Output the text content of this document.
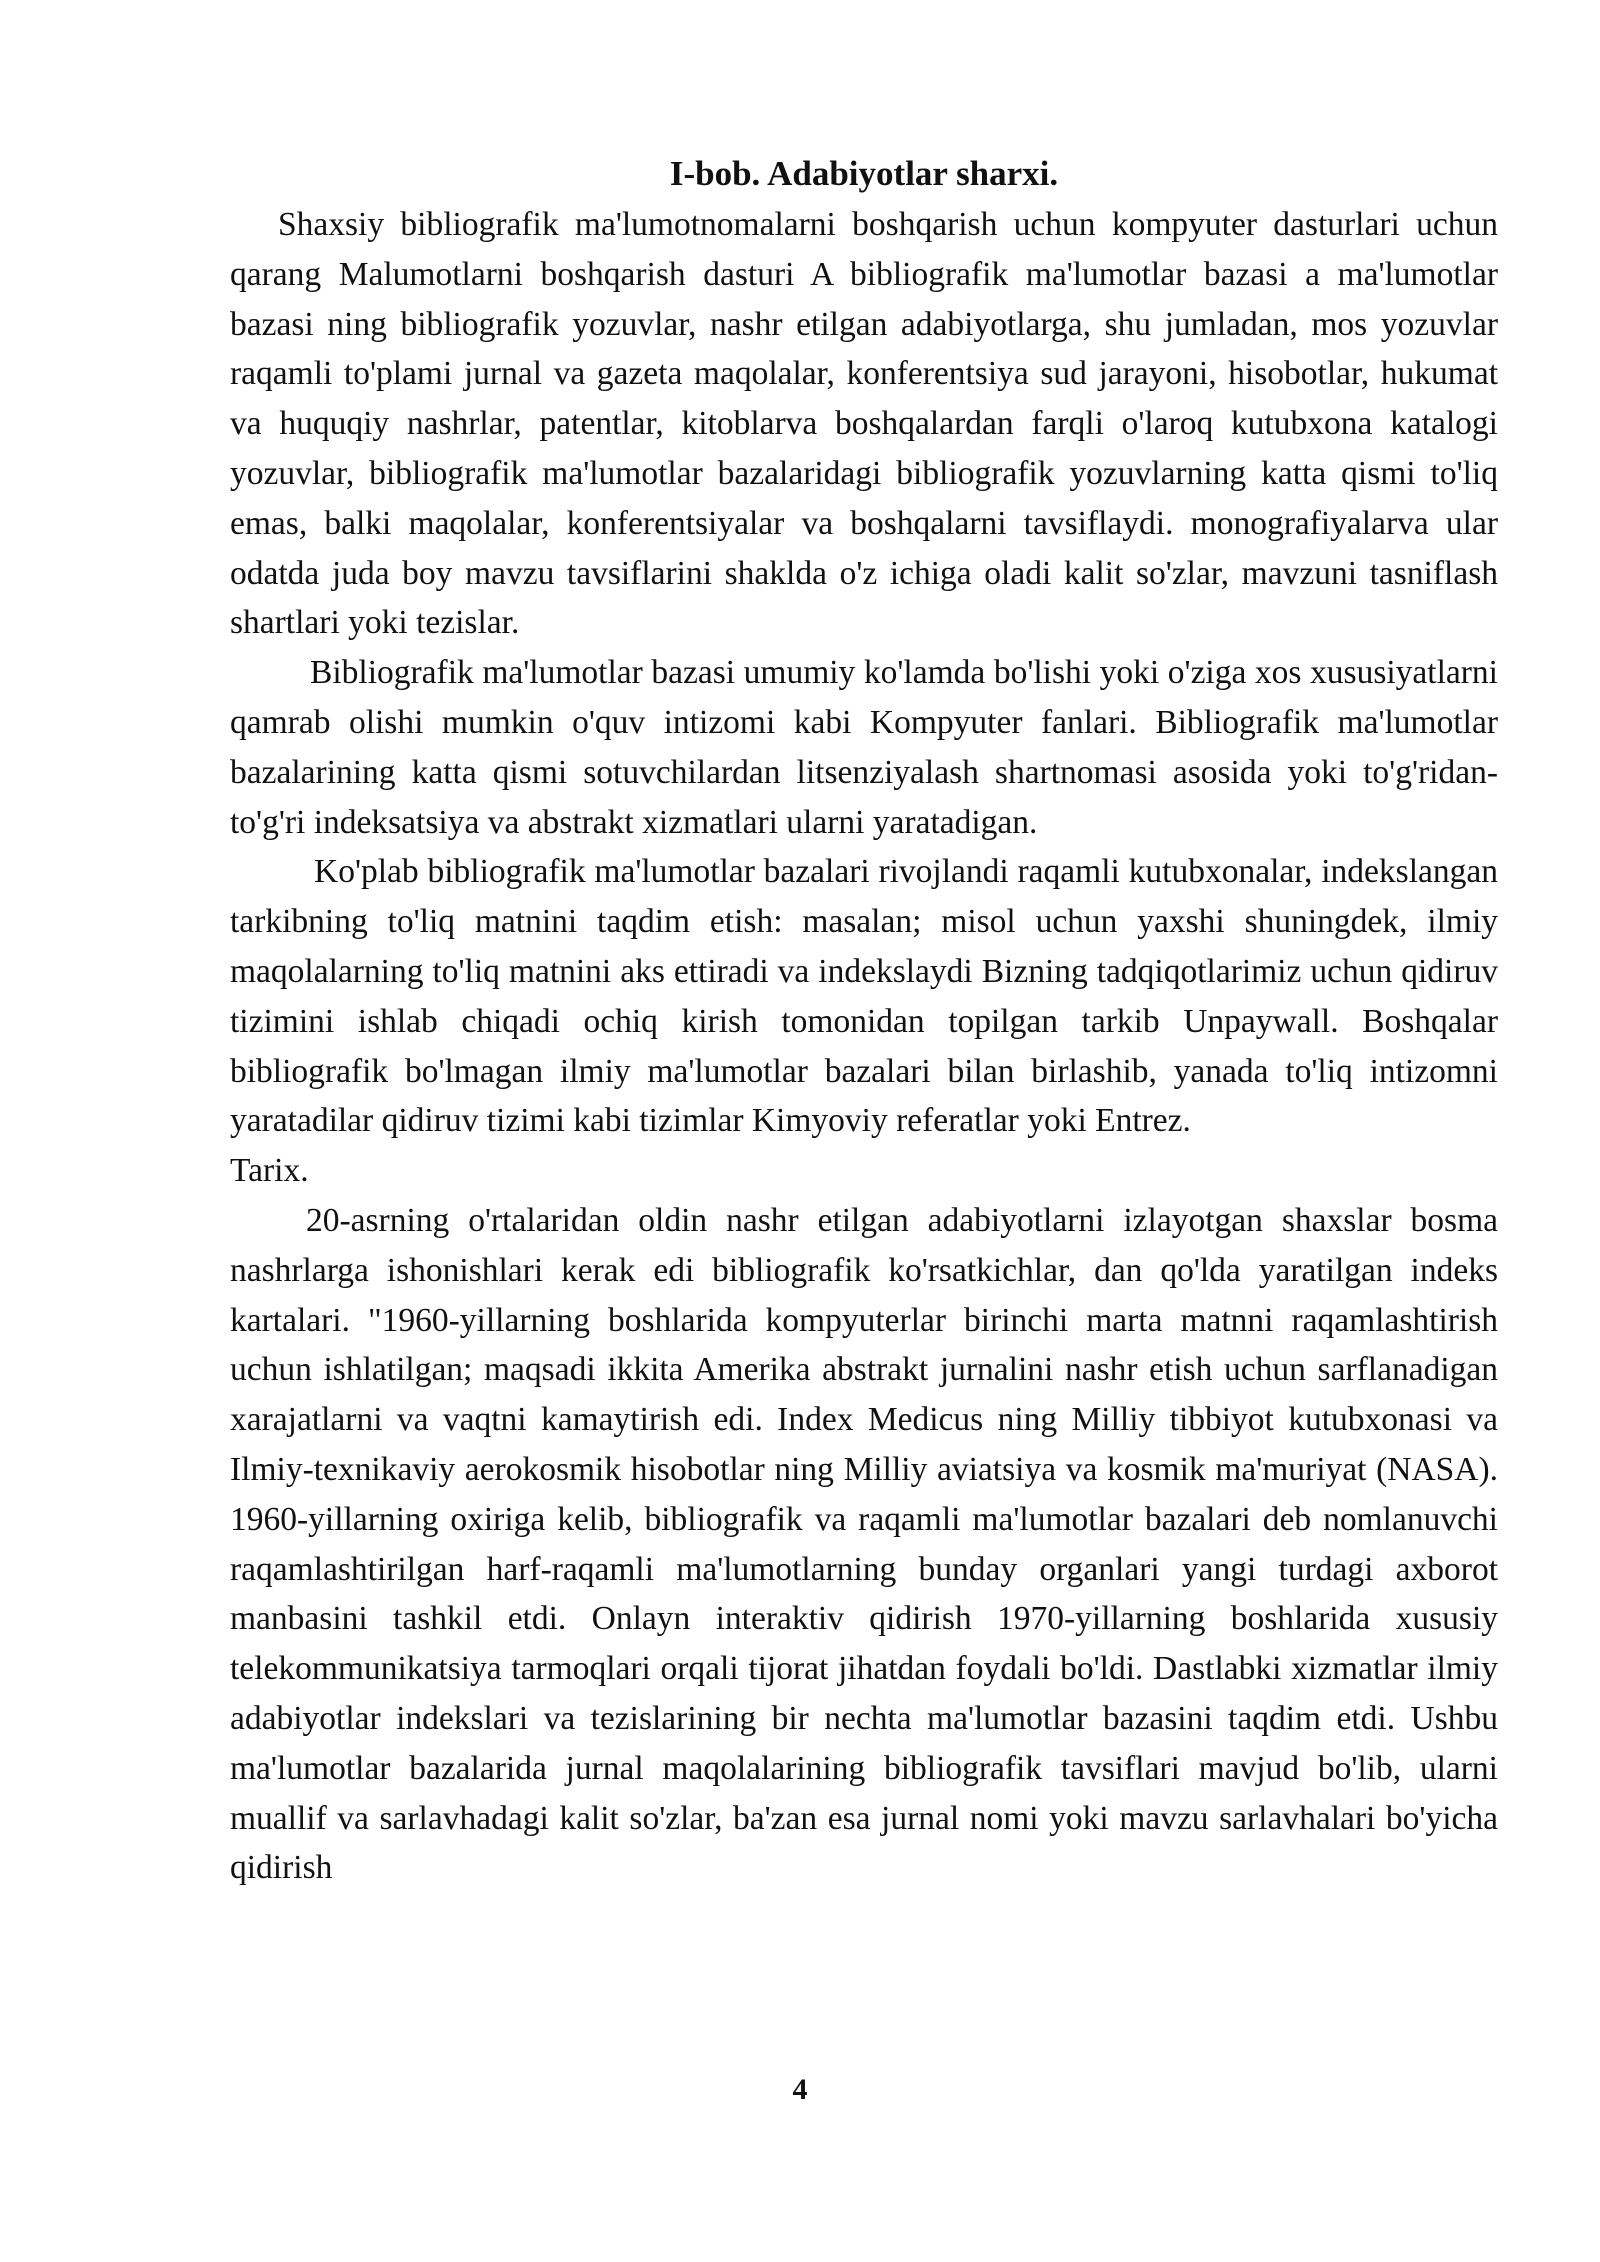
I-bob. Adabiyotlar sharxi.

Shaxsiy bibliografik ma'lumotnomalarni boshqarish uchun kompyuter dasturlari uchun qarang Malumotlarni boshqarish dasturi A bibliografik ma'lumotlar bazasi a ma'lumotlar bazasi ning bibliografik yozuvlar, nashr etilgan adabiyotlarga, shu jumladan, mos yozuvlar raqamli to'plami jurnal va gazeta maqolalar, konferentsiya sud jarayoni, hisobotlar, hukumat va huquqiy nashrlar, patentlar, kitoblarva boshqalardan farqli o'laroq kutubxona katalogi yozuvlar, bibliografik ma'lumotlar bazalaridagi bibliografik yozuvlarning katta qismi to'liq emas, balki maqolalar, konferentsiyalar va boshqalarni tavsiflaydi. monografiyalarva ular odatda juda boy mavzu tavsiflarini shaklda o'z ichiga oladi kalit so'zlar, mavzuni tasniflash shartlari yoki tezislar.

Bibliografik ma'lumotlar bazasi umumiy ko'lamda bo'lishi yoki o'ziga xos xususiyatlarni qamrab olishi mumkin o'quv intizomi kabi Kompyuter fanlari. Bibliografik ma'lumotlar bazalarining katta qismi sotuvchilardan litsenziyalash shartnomasi asosida yoki to'g'ridan-to'g'ri indeksatsiya va abstrakt xizmatlari ularni yaratadigan.

Ko'plab bibliografik ma'lumotlar bazalari rivojlandi raqamli kutubxonalar, indekslangan tarkibning to'liq matnini taqdim etish: masalan; misol uchun yaxshi shuningdek, ilmiy maqolalarning to'liq matnini aks ettiradi va indekslaydi Bizning tadqiqotlarimiz uchun qidiruv tizimini ishlab chiqadi ochiq kirish tomonidan topilgan tarkib Unpaywall. Boshqalar bibliografik bo'lmagan ilmiy ma'lumotlar bazalari bilan birlashib, yanada to'liq intizomni yaratadilar qidiruv tizimi kabi tizimlar Kimyoviy referatlar yoki Entrez.

Tarix.

20-asrning o'rtalaridan oldin nashr etilgan adabiyotlarni izlayotgan shaxslar bosma nashrlarga ishonishlari kerak edi bibliografik ko'rsatkichlar, dan qo'lda yaratilgan indeks kartalari. "1960-yillarning boshlarida kompyuterlar birinchi marta matnni raqamlashtirish uchun ishlatilgan; maqsadi ikkita Amerika abstrakt jurnalini nashr etish uchun sarflanadigan xarajatlarni va vaqtni kamaytirish edi. Index Medicus ning Milliy tibbiyot kutubxonasi va Ilmiy-texnikaviy aerokosmik hisobotlar ning Milliy aviatsiya va kosmik ma'muriyat (NASA). 1960-yillarning oxiriga kelib, bibliografik va raqamli ma'lumotlar bazalari deb nomlanuvchi raqamlashtirilgan harf-raqamli ma'lumotlarning bunday organlari yangi turdagi axborot manbasini tashkil etdi. Onlayn interaktiv qidirish 1970-yillarning boshlarida xususiy telekommunikatsiya tarmoqlari orqali tijorat jihatdan foydali bo'ldi. Dastlabki xizmatlar ilmiy adabiyotlar indekslari va tezislarining bir nechta ma'lumotlar bazasini taqdim etdi. Ushbu ma'lumotlar bazalarida jurnal maqolalarining bibliografik tavsiflari mavjud bo'lib, ularni muallif va sarlavhadagi kalit so'zlar, ba'zan esa jurnal nomi yoki mavzu sarlavhalari bo'yicha qidirish

4
